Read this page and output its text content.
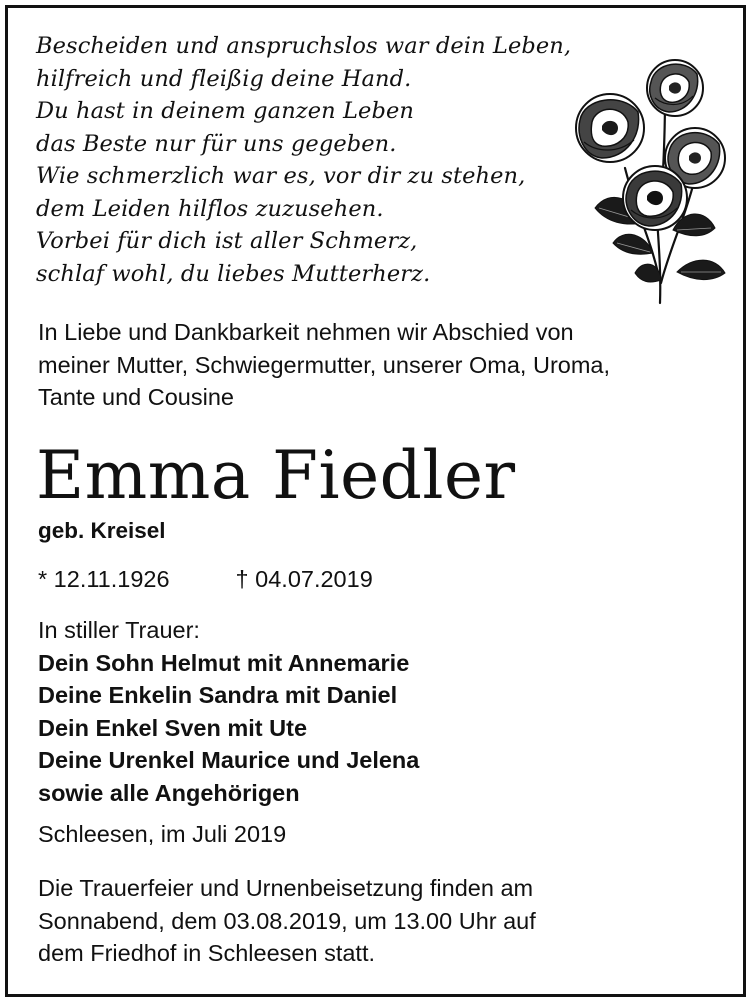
Bescheiden und anspruchslos war dein Leben,
hilfreich und fleißig deine Hand.
Du hast in deinem ganzen Leben
das Beste nur für uns gegeben.
Wie schmerzlich war es, vor dir zu stehen,
dem Leiden hilflos zuzusehen.
Vorbei für dich ist aller Schmerz,
schlaf wohl, du liebes Mutterherz.
In Liebe und Dankbarkeit nehmen wir Abschied von
meiner Mutter, Schwiegermutter, unserer Oma, Uroma,
Tante und Cousine
Emma Fiedler
geb. Kreisel
* 12.11.1926	† 04.07.2019
In stiller Trauer:
Dein Sohn Helmut mit Annemarie
Deine Enkelin Sandra mit Daniel
Dein Enkel Sven mit Ute
Deine Urenkel Maurice und Jelena
sowie alle Angehörigen
Schleesen, im Juli 2019
Die Trauerfeier und Urnenbeisetzung finden am
Sonnabend, dem 03.08.2019, um 13.00 Uhr auf
dem Friedhof in Schleesen statt.
